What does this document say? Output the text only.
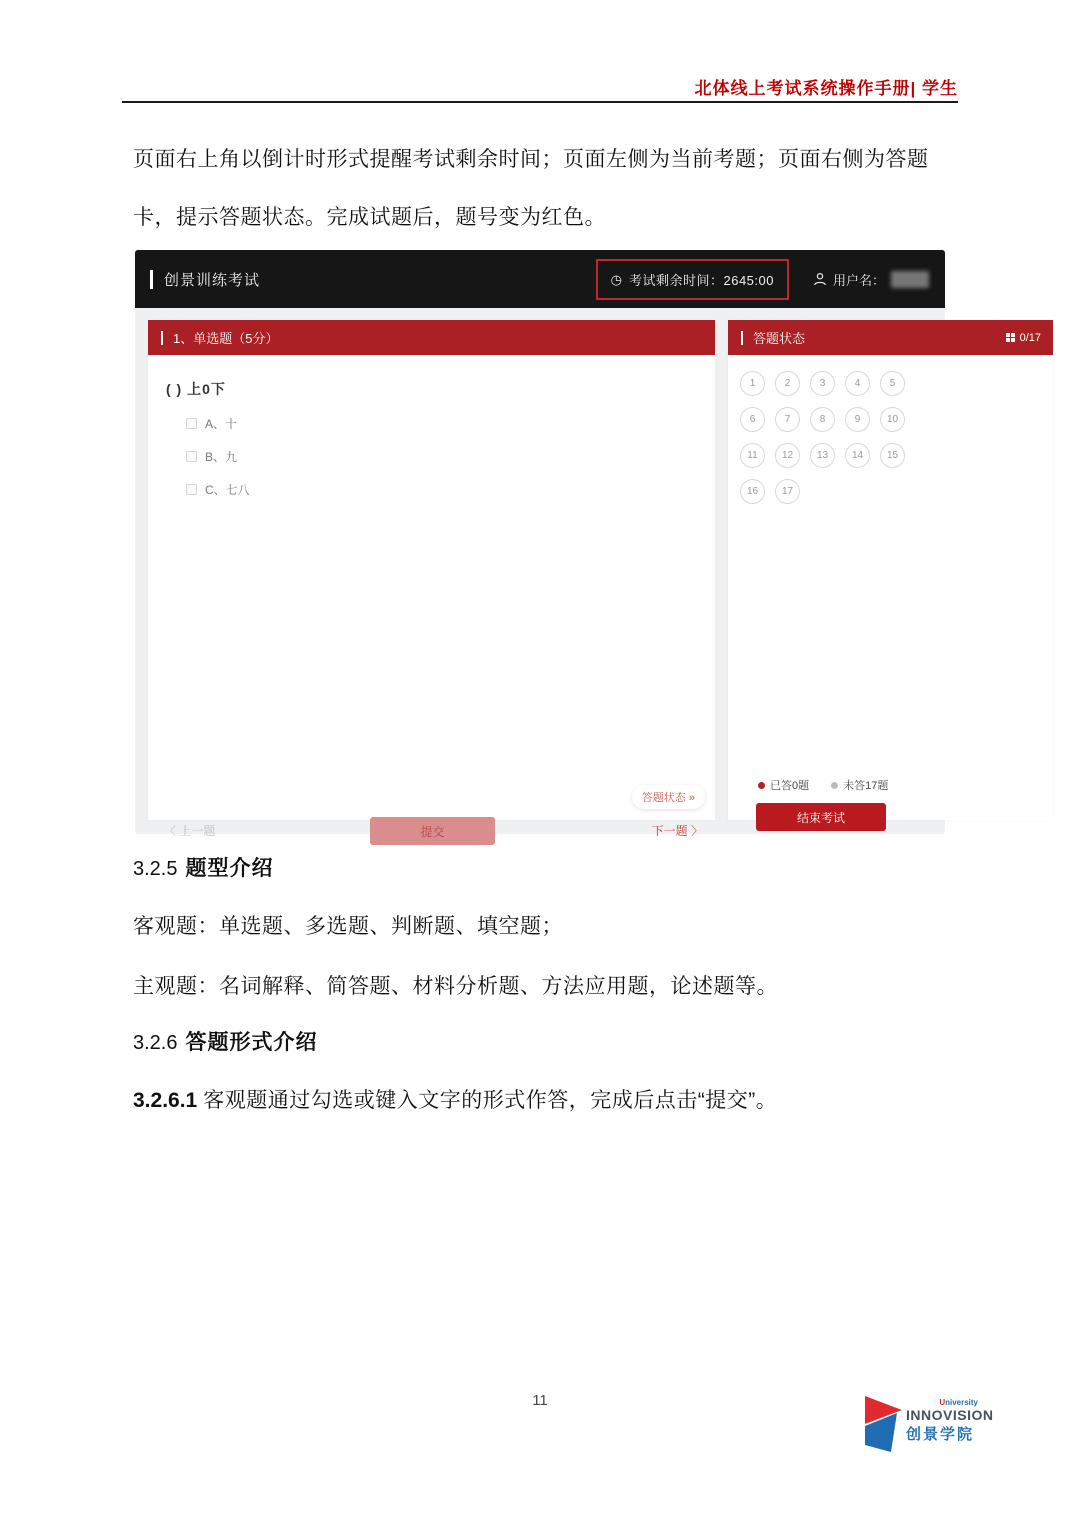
北体线上考试系统操作手册| 学生
页面右上角以倒计时形式提醒考试剩余时间；页面左侧为当前考题；页面右侧为答题
卡，提示答题状态。完成试题后，题号变为红色。
创景训练考试	◷ 考试剩余时间：2645:00	用户名：
1、单选题（5分）
( ) 上0下
A、十
B、九
C、七八
答题状态 »
〈 上一题	提交	下一题 〉
答题状态	0/17
1	2	3	4	5
6	7	8	9	10
11	12	13	14	15
16	17
已答0题	未答17题
结束考试
3.2.5 题型介绍
客观题：单选题、多选题、判断题、填空题；
主观题：名词解释、简答题、材料分析题、方法应用题，论述题等。
3.2.6 答题形式介绍
3.2.6.1 客观题通过勾选或键入文字的形式作答，完成后点击“提交”。
11	University
INNOVISION
创景学院
